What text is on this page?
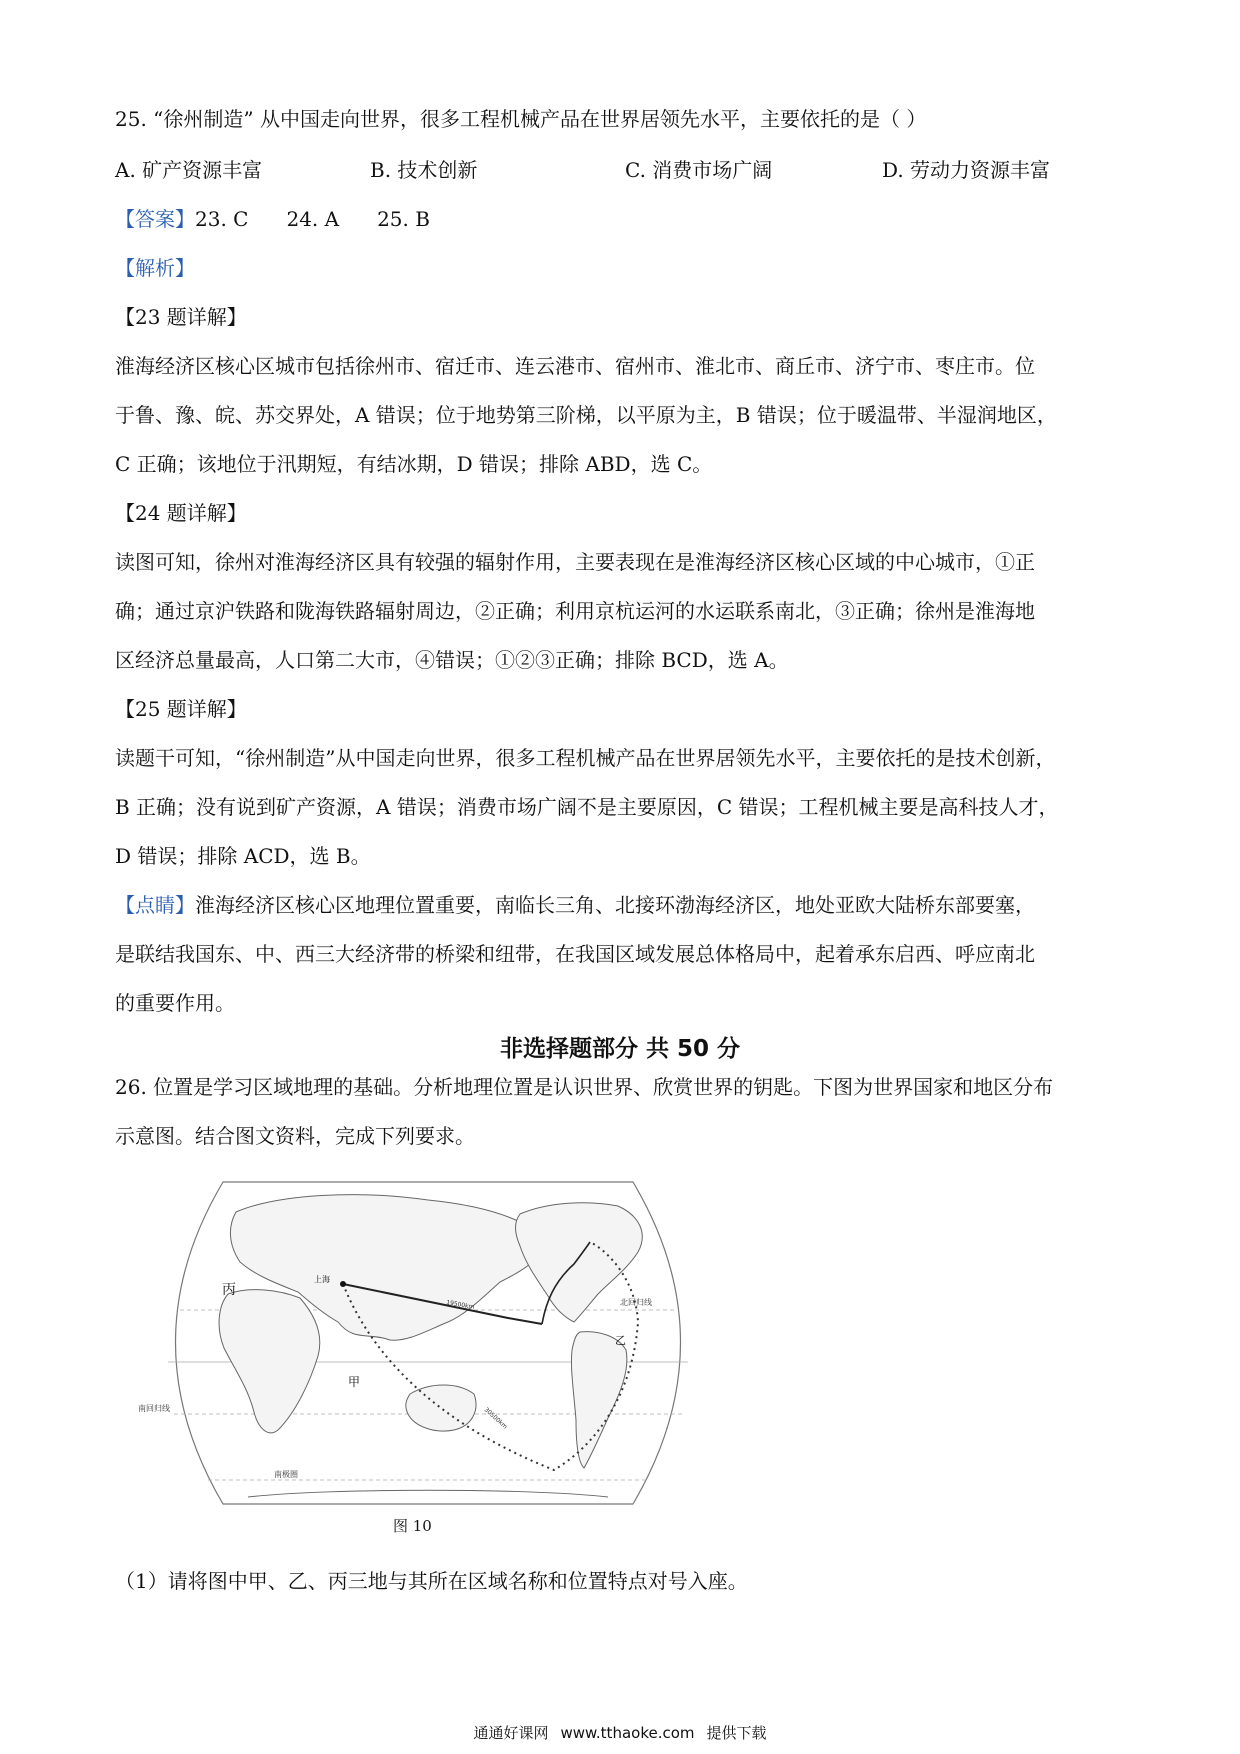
25. “徐州制造” 从中国走向世界，很多工程机械产品在世界居领先水平，主要依托的是（ ）
A. 矿产资源丰富	B. 技术创新	C. 消费市场广阔	D. 劳动力资源丰富
【答案】23. C 24. A 25. B
【解析】
【23 题详解】
淮海经济区核心区城市包括徐州市、宿迁市、连云港市、宿州市、淮北市、商丘市、济宁市、枣庄市。位
于鲁、豫、皖、苏交界处，A 错误；位于地势第三阶梯，以平原为主，B 错误；位于暖温带、半湿润地区，
C 正确；该地位于汛期短，有结冰期，D 错误；排除 ABD，选 C。
【24 题详解】
读图可知，徐州对淮海经济区具有较强的辐射作用，主要表现在是淮海经济区核心区域的中心城市，①正
确；通过京沪铁路和陇海铁路辐射周边，②正确；利用京杭运河的水运联系南北，③正确；徐州是淮海地
区经济总量最高，人口第二大市，④错误；①②③正确；排除 BCD，选 A。
【25 题详解】
读题干可知，“徐州制造”从中国走向世界，很多工程机械产品在世界居领先水平，主要依托的是技术创新，
B 正确；没有说到矿产资源，A 错误；消费市场广阔不是主要原因，C 错误；工程机械主要是高科技人才，
D 错误；排除 ACD，选 B。
【点睛】淮海经济区核心区地理位置重要，南临长三角、北接环渤海经济区，地处亚欧大陆桥东部要塞，
是联结我国东、中、西三大经济带的桥梁和纽带，在我国区域发展总体格局中，起着承东启西、呼应南北
的重要作用。
非选择题部分 共 50 分
26. 位置是学习区域地理的基础。分析地理位置是认识世界、欣赏世界的钥匙。下图为世界国家和地区分布
示意图。结合图文资料，完成下列要求。
丙
甲
乙
上海
19500km
30500km
北回归线
南回归线
南极圈
图 10
（1）请将图中甲、乙、丙三地与其所在区域名称和位置特点对号入座。
通通好课网 www.tthaoke.com 提供下载
